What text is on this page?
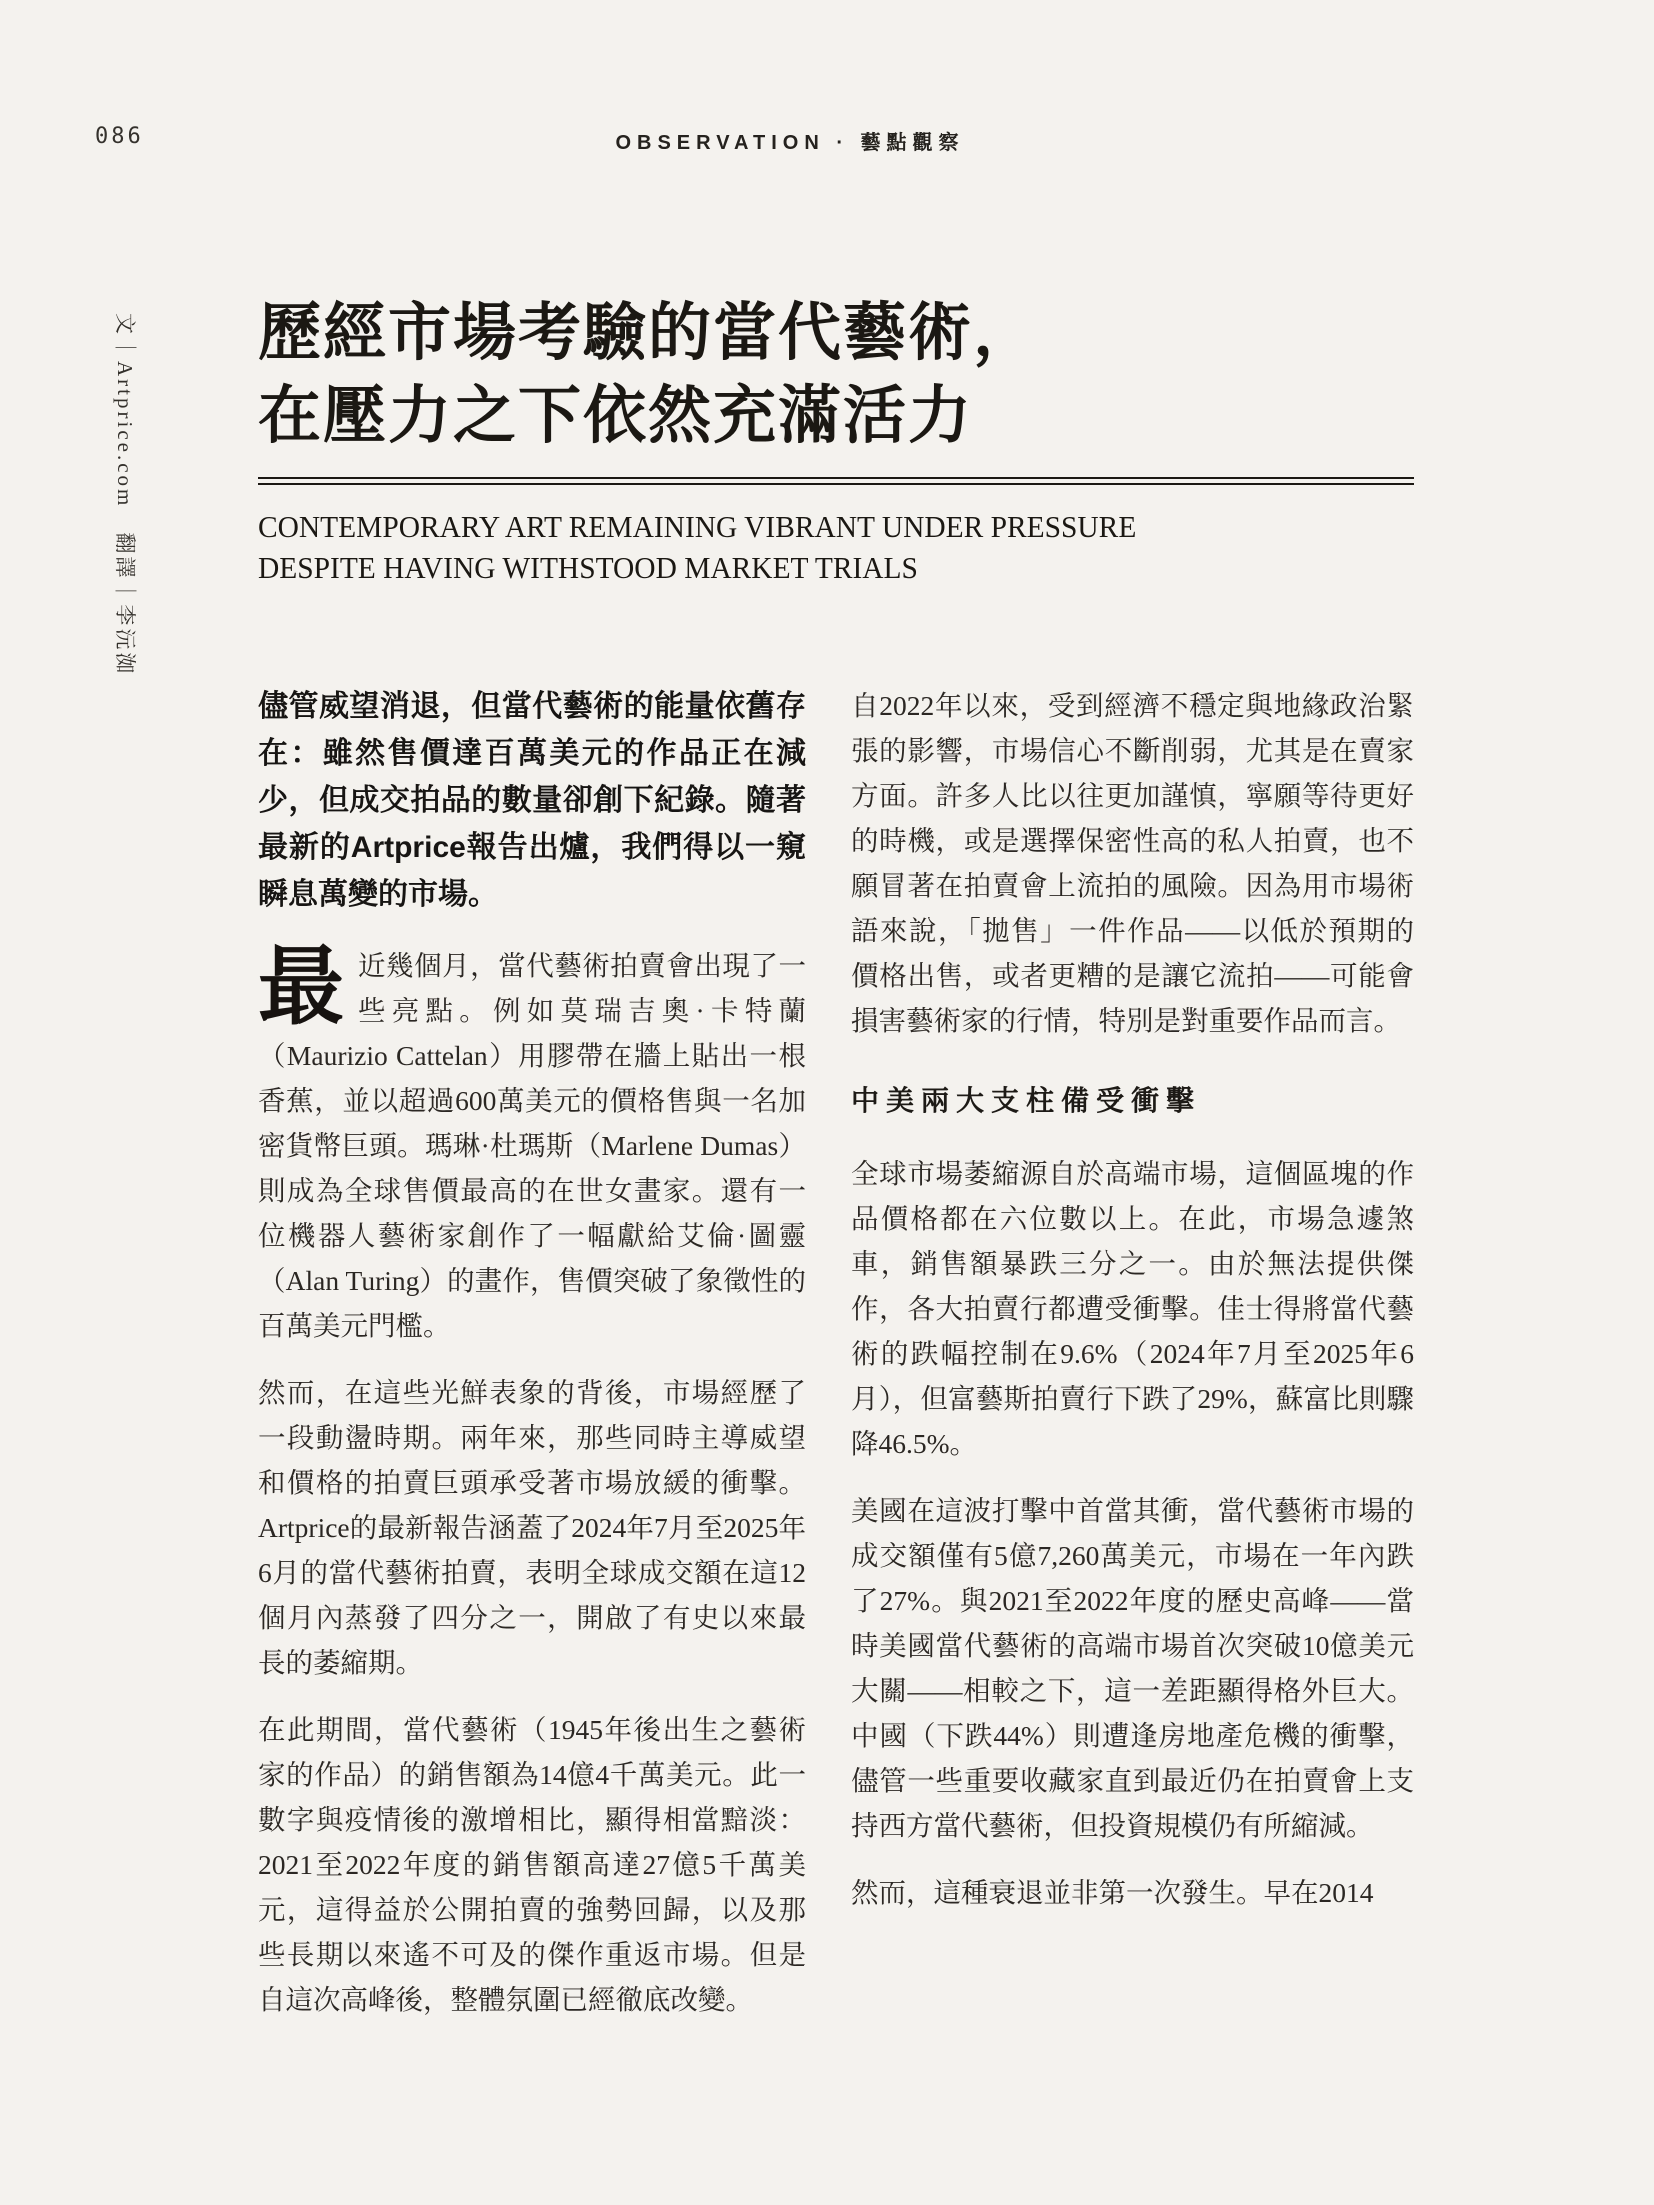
086	OBSERVATION · 藝點觀察
文｜Artprice.com　翻譯｜李沅洳 歷經市場考驗的當代藝術，
在壓力之下依然充滿活力
CONTEMPORARY ART REMAINING VIBRANT UNDER PRESSURE
DESPITE HAVING WITHSTOOD MARKET TRIALS

儘管威望消退，但當代藝術的能量依舊存在：雖然售價達百萬美元的作品正在減少，但成交拍品的數量卻創下紀錄。隨著最新的Artprice報告出爐，我們得以一窺瞬息萬變的市場。

最近幾個月，當代藝術拍賣會出現了一些亮點。例如莫瑞吉奧·卡特蘭（Maurizio Cattelan）用膠帶在牆上貼出一根香蕉，並以超過600萬美元的價格售與一名加密貨幣巨頭。瑪琳·杜瑪斯（Marlene Dumas）則成為全球售價最高的在世女畫家。還有一位機器人藝術家創作了一幅獻給艾倫·圖靈（Alan Turing）的畫作，售價突破了象徵性的百萬美元門檻。

然而，在這些光鮮表象的背後，市場經歷了一段動盪時期。兩年來，那些同時主導威望和價格的拍賣巨頭承受著市場放緩的衝擊。Artprice的最新報告涵蓋了2024年7月至2025年6月的當代藝術拍賣，表明全球成交額在這12個月內蒸發了四分之一，開啟了有史以來最長的萎縮期。

在此期間，當代藝術（1945年後出生之藝術家的作品）的銷售額為14億4千萬美元。此一數字與疫情後的激增相比，顯得相當黯淡：2021至2022年度的銷售額高達27億5千萬美元，這得益於公開拍賣的強勢回歸，以及那些長期以來遙不可及的傑作重返市場。但是自這次高峰後，整體氛圍已經徹底改變。

自2022年以來，受到經濟不穩定與地緣政治緊張的影響，市場信心不斷削弱，尤其是在賣家方面。許多人比以往更加謹慎，寧願等待更好的時機，或是選擇保密性高的私人拍賣，也不願冒著在拍賣會上流拍的風險。因為用市場術語來說，「拋售」一件作品——以低於預期的價格出售，或者更糟的是讓它流拍——可能會損害藝術家的行情，特別是對重要作品而言。

中美兩大支柱備受衝擊

全球市場萎縮源自於高端市場，這個區塊的作品價格都在六位數以上。在此，市場急遽煞車，銷售額暴跌三分之一。由於無法提供傑作，各大拍賣行都遭受衝擊。佳士得將當代藝術的跌幅控制在9.6%（2024年7月至2025年6月），但富藝斯拍賣行下跌了29%，蘇富比則驟降46.5%。

美國在這波打擊中首當其衝，當代藝術市場的成交額僅有5億7,260萬美元，市場在一年內跌了27%。與2021至2022年度的歷史高峰——當時美國當代藝術的高端市場首次突破10億美元大關——相較之下，這一差距顯得格外巨大。中國（下跌44%）則遭逢房地產危機的衝擊，儘管一些重要收藏家直到最近仍在拍賣會上支持西方當代藝術，但投資規模仍有所縮減。

然而，這種衰退並非第一次發生。早在2014
